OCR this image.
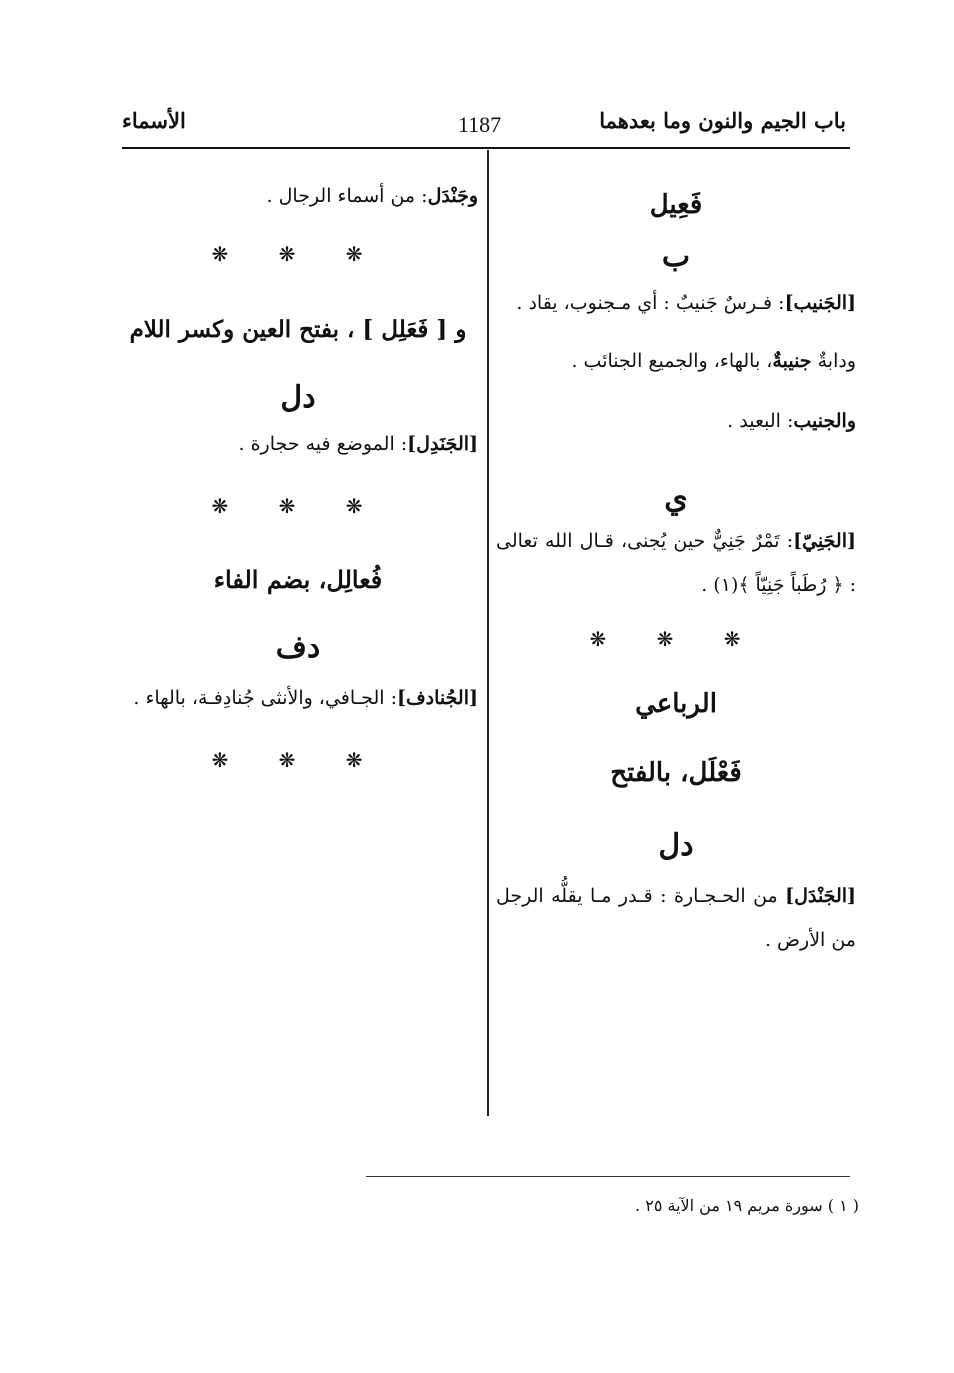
باب الجيم والنون وما بعدهما
1187
الأسماء
فَعِيل
ب
[الجَنيب]: فـرسٌ جَنيبٌ : أي مـجنوب، يقاد .
ودابةٌ جنيبةٌ، بالهاء، والجميع الجنائب .
والجنيب: البعيد .
ي
[الجَنِيّ]: تَمْرٌ جَنِيٌّ حين يُجنى، قـال الله تعالى : ﴿ رُطَباً جَنِيّاً ﴾(١) .
❋ ❋ ❋
الرباعي
فَعْلَل، بالفتح
دل
[الجَنْدَل] من الحـجـارة : قـدر مـا يقلُّه الرجل من الأرض .
وجَنْدَل: من أسماء الرجال .
❋ ❋ ❋
و [ فَعَلِل ] ، بفتح العين وكسر اللام
دل
[الجَنَدِل]: الموضع فيه حجارة .
❋ ❋ ❋
فُعالِل، بضم الفاء
دف
[الجُنادف]: الجـافي، والأنثى جُنادِفـة، بالهاء .
❋ ❋ ❋
( ١ ) سورة مريم ١٩ من الآية ٢٥ .
